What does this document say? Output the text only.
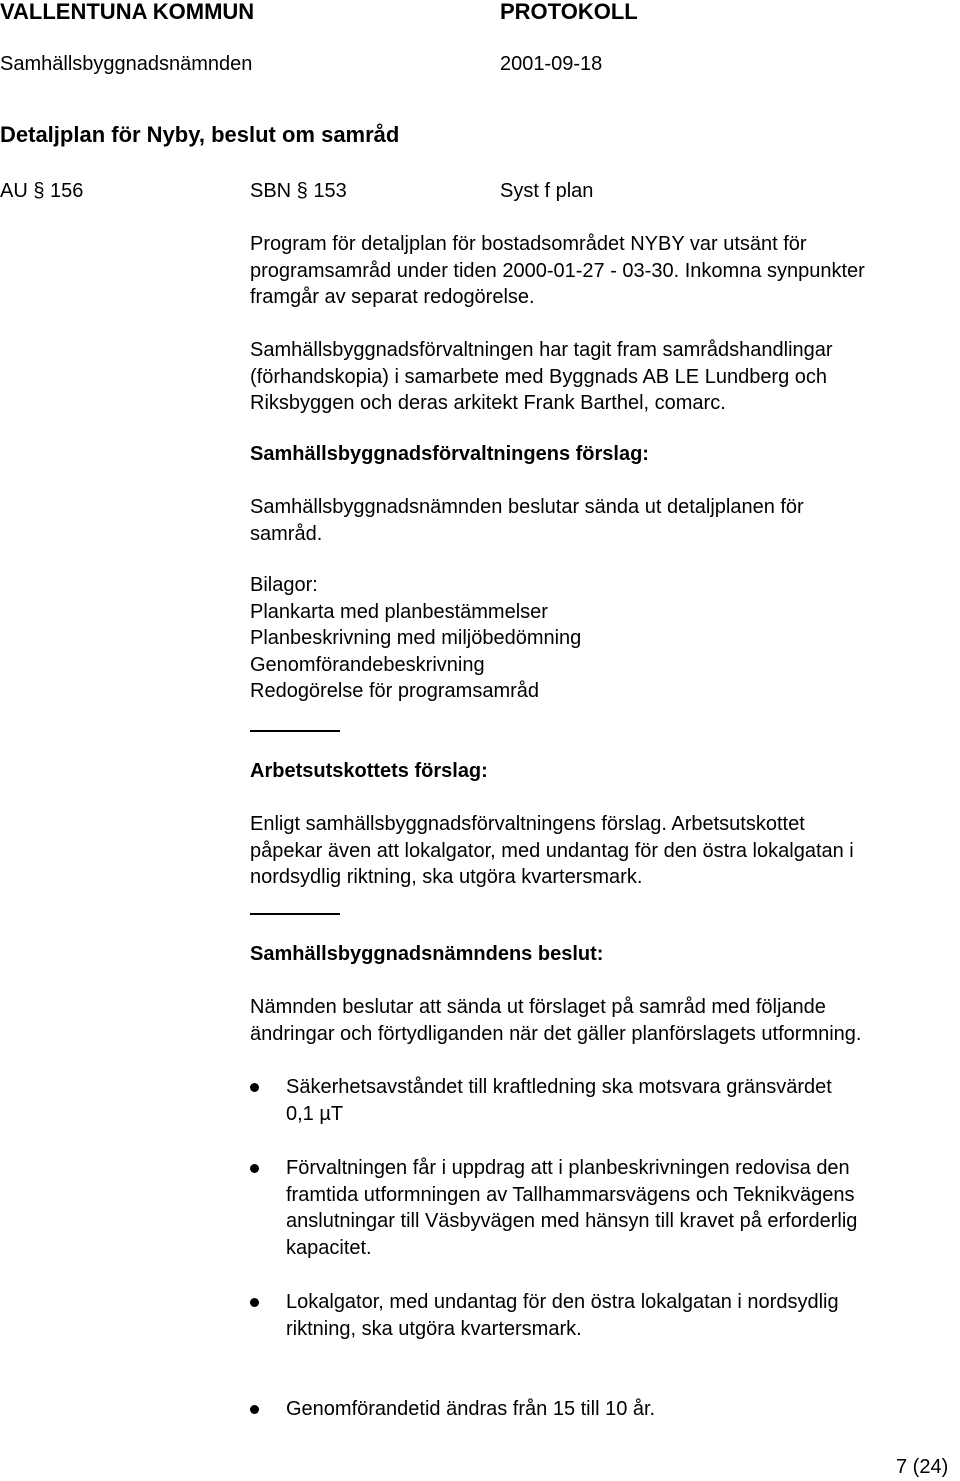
VALLENTUNA KOMMUN	PROTOKOLL
Samhällsbyggnadsnämnden	2001-09-18
Detaljplan för Nyby, beslut om samråd
AU § 156	SBN § 153	Syst f plan
Program för detaljplan för bostadsområdet NYBY var utsänt för
programsamråd under tiden 2000-01-27 - 03-30. Inkomna synpunkter
framgår av separat redogörelse.
Samhällsbyggnadsförvaltningen har tagit fram samrådshandlingar
(förhandskopia) i samarbete med Byggnads AB LE Lundberg och
Riksbyggen och deras arkitekt Frank Barthel, comarc.
Samhällsbyggnadsförvaltningens förslag:
Samhällsbyggnadsnämnden beslutar sända ut detaljplanen för
samråd.
Bilagor:
Plankarta med planbestämmelser
Planbeskrivning med miljöbedömning
Genomförandebeskrivning
Redogörelse för programsamråd
Arbetsutskottets förslag:
Enligt samhällsbyggnadsförvaltningens förslag. Arbetsutskottet
påpekar även att lokalgator, med undantag för den östra lokalgatan i
nordsydlig riktning, ska utgöra kvartersmark.
Samhällsbyggnadsnämndens beslut:
Nämnden beslutar att sända ut förslaget på samråd med följande
ändringar och förtydliganden när det gäller planförslagets utformning.
Säkerhetsavståndet till kraftledning ska motsvara gränsvärdet
0,1 µT
Förvaltningen får i uppdrag att i planbeskrivningen redovisa den
framtida utformningen av Tallhammarsvägens och Teknikvägens
anslutningar till Väsbyvägen med hänsyn till kravet på erforderlig
kapacitet.
Lokalgator, med undantag för den östra lokalgatan i nordsydlig
riktning, ska utgöra kvartersmark.
Genomförandetid ändras från 15 till 10 år.
7 (24)
